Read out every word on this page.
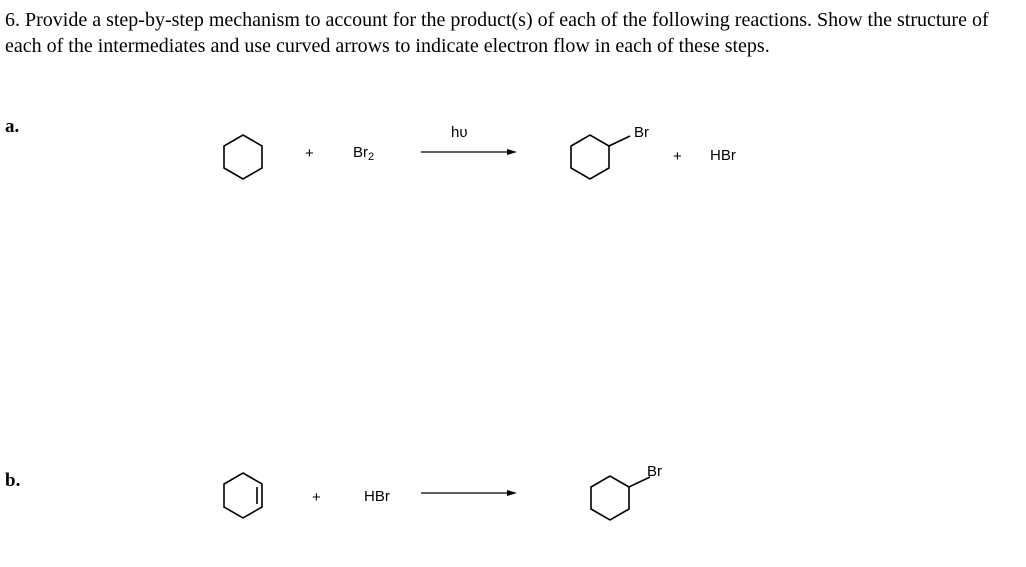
6. Provide a step-by-step mechanism to account for the product(s) of each of the following reactions. Show the structure of each of the intermediates and use curved arrows to indicate electron flow in each of these steps.

a.
+	$Br_2$
hυ	Br
+ HBr
b.
+	HBr
Br
